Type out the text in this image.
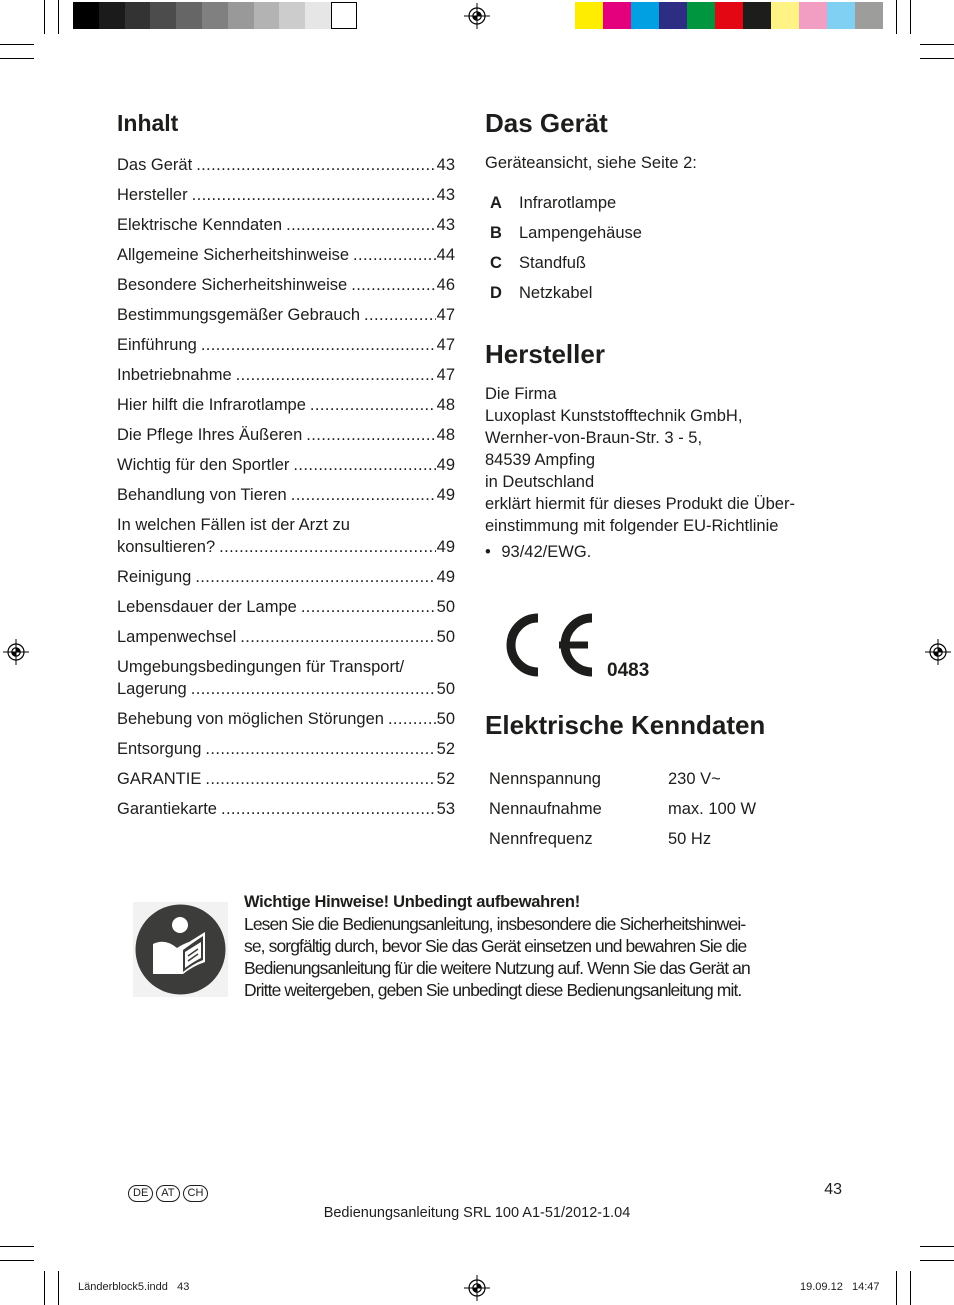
Inhalt
Das Gerät .....	43
Hersteller .....	43
Elektrische Kenndaten .....	43
Allgemeine Sicherheitshinweise .....	44
Besondere Sicherheitshinweise .....	46
Bestimmungsgemäßer Gebrauch .....	47
Einführung .....	47
Inbetriebnahme .....	47
Hier hilft die Infrarotlampe .....	48
Die Pflege Ihres Äußeren .....	48
Wichtig für den Sportler .....	49
Behandlung von Tieren .....	49
In welchen Fällen ist der Arzt zu
konsultieren? .....	49
Reinigung .....	49
Lebensdauer der Lampe .....	50
Lampenwechsel .....	50
Umgebungsbedingungen für Transport/
Lagerung .....	50
Behebung von möglichen Störungen .....	50
Entsorgung .....	52
GARANTIE .....	52
Garantiekarte .....	53
Das Gerät
Geräteansicht, siehe Seite 2:
A Infrarotlampe
B Lampengehäuse
C Standfuß
D Netzkabel
Hersteller
Die Firma
Luxoplast Kunststofftechnik GmbH,
Wernher-von-Braun-Str. 3 - 5,
84539 Ampfing
in Deutschland
erklärt hiermit für dieses Produkt die Über-
einstimmung mit folgender EU-Richtlinie
• 93/42/EWG.
0483
Elektrische Kenndaten
Nennspannung	230 V~
Nennaufnahme	max. 100 W
Nennfrequenz	50 Hz
Wichtige Hinweise! Unbedingt aufbewahren!
Lesen Sie die Bedienungsanleitung, insbesondere die Sicherheitshinwei-
se, sorgfältig durch, bevor Sie das Gerät einsetzen und bewahren Sie die
Bedienungsanleitung für die weitere Nutzung auf. Wenn Sie das Gerät an
Dritte weitergeben, geben Sie unbedingt diese Bedienungsanleitung mit.
DE AT CH	43
Bedienungsanleitung SRL 100 A1-51/2012-1.04
Länderblock5.indd   43	19.09.12   14:47
